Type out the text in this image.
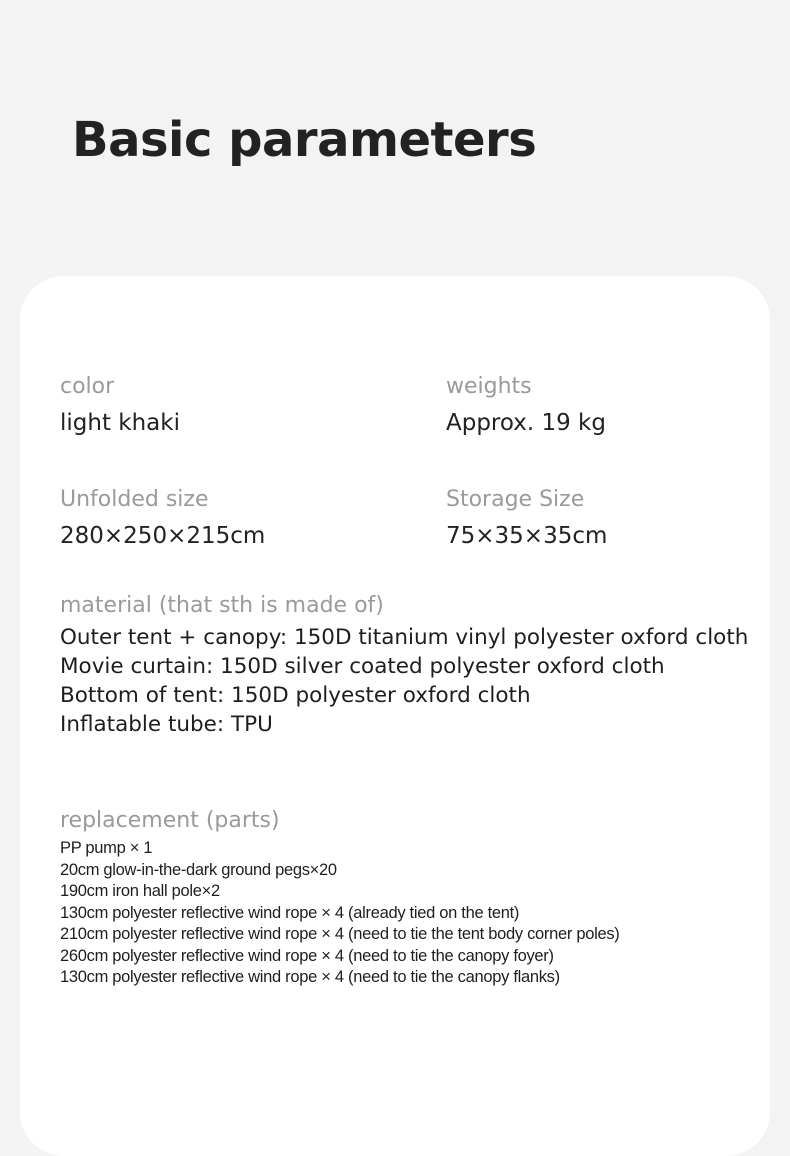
Basic parameters
color
light khaki
weights
Approx. 19 kg
Unfolded size
280×250×215cm
Storage Size
75×35×35cm
material (that sth is made of)
Outer tent + canopy: 150D titanium vinyl polyester oxford cloth
Movie curtain: 150D silver coated polyester oxford cloth
Bottom of tent: 150D polyester oxford cloth
Inflatable tube: TPU
replacement (parts)
PP pump × 1
20cm glow-in-the-dark ground pegs×20
190cm iron hall pole×2
130cm polyester reflective wind rope × 4 (already tied on the tent)
210cm polyester reflective wind rope × 4 (need to tie the tent body corner poles)
260cm polyester reflective wind rope × 4 (need to tie the canopy foyer)
130cm polyester reflective wind rope × 4 (need to tie the canopy flanks)
